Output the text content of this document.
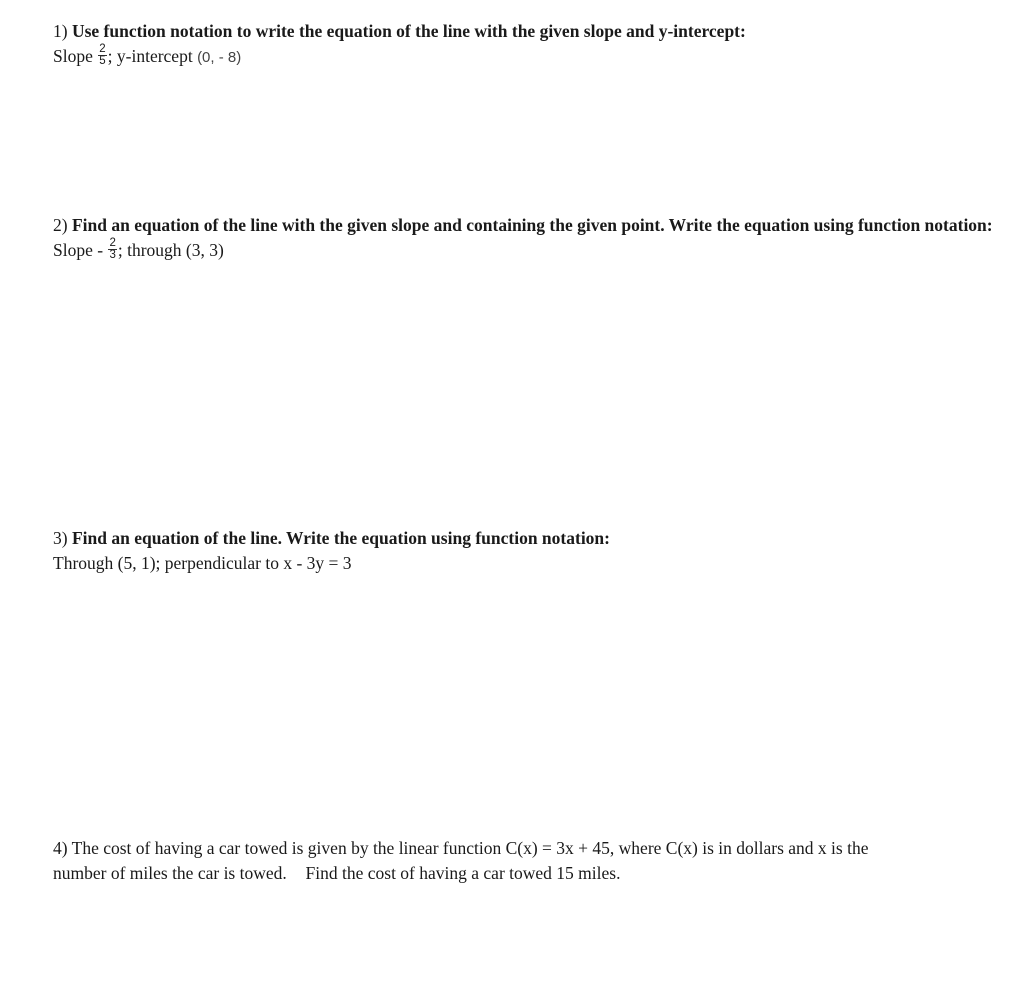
1) Use function notation to write the equation of the line with the given slope and y-intercept:
Slope $\frac{2}{5}$ ; y-intercept (0, - 8)
2) Find an equation of the line with the given slope and containing the given point. Write the equation using function notation:  Slope - $\frac{2}{3}$ ; through (3, 3)
3) Find an equation of the line. Write the equation using function notation:
Through (5, 1); perpendicular to x - 3y = 3
4) The cost of having a car towed is given by the linear function C(x) = 3x + 45, where C(x) is in dollars and x is the
number of miles the car is towed. Find the cost of having a car towed 15 miles.
